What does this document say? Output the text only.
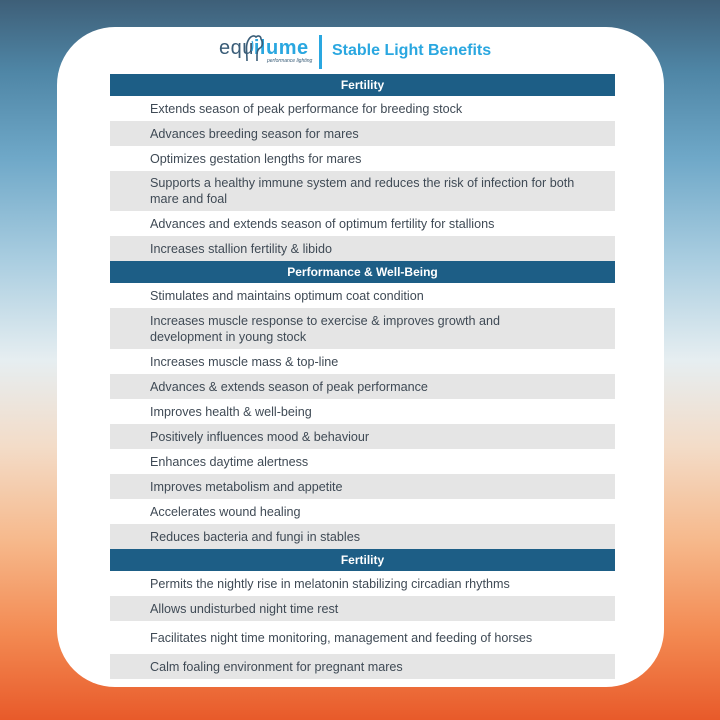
equilume
performance lighting
Stable Light Benefits
Fertility
Extends season of peak performance for breeding stock
Advances breeding season for mares
Optimizes gestation lengths for mares
Supports a healthy immune system and reduces the risk of infection for both mare and foal
Advances and extends season of optimum fertility for stallions
Increases stallion fertility & libido
Performance & Well-Being
Stimulates and maintains optimum coat condition
Increases muscle response to exercise & improves growth and development in young stock
Increases muscle mass & top-line
Advances & extends season of peak performance
Improves health & well-being
Positively influences mood & behaviour
Enhances daytime alertness
Improves metabolism and appetite
Accelerates wound healing
Reduces bacteria and fungi in stables
Fertility
Permits the nightly rise in melatonin stabilizing circadian rhythms
Allows undisturbed night time rest
Facilitates night time monitoring, management and feeding of horses
Calm foaling environment for pregnant mares
